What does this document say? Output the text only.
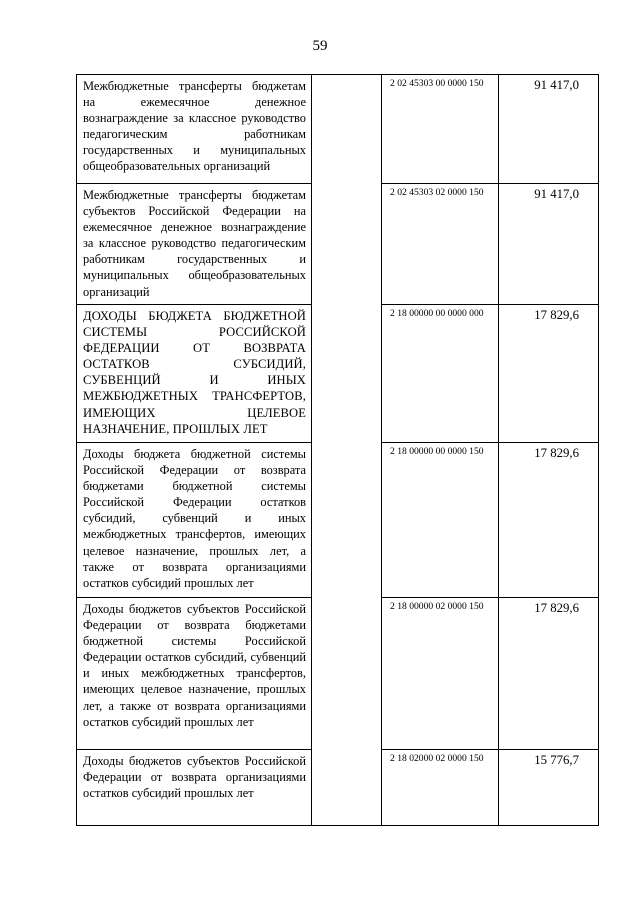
59
Межбюджетные трансферты бюджетам на ежемесячное денежное вознаграждение за классное руководство педагогическим работникам государственных и муниципальных общеобразовательных организаций		2 02 45303 00 0000 150	91 417,0

Межбюджетные трансферты бюджетам субъектов Российской Федерации на ежемесячное денежное вознаграждение за классное руководство педагогическим работникам государственных и муниципальных общеобразовательных организаций		2 02 45303 02 0000 150	91 417,0

ДОХОДЫ БЮДЖЕТА БЮДЖЕТНОЙ СИСТЕМЫ РОССИЙСКОЙ ФЕДЕРАЦИИ ОТ ВОЗВРАТА ОСТАТКОВ СУБСИДИЙ, СУБВЕНЦИЙ И ИНЫХ МЕЖБЮДЖЕТНЫХ ТРАНСФЕРТОВ, ИМЕЮЩИХ ЦЕЛЕВОЕ НАЗНАЧЕНИЕ, ПРОШЛЫХ ЛЕТ		2 18 00000 00 0000 000	17 829,6

Доходы бюджета бюджетной системы Российской Федерации от возврата бюджетами бюджетной системы Российской Федерации остатков субсидий, субвенций и иных межбюджетных трансфертов, имеющих целевое назначение, прошлых лет, а также от возврата организациями остатков субсидий прошлых лет		2 18 00000 00 0000 150	17 829,6

Доходы бюджетов субъектов Российской Федерации от возврата бюджетами бюджетной системы Российской Федерации остатков субсидий, субвенций и иных межбюджетных трансфертов, имеющих целевое назначение, прошлых лет, а также от возврата организациями остатков субсидий прошлых лет		2 18 00000 02 0000 150	17 829,6

Доходы бюджетов субъектов Российской Федерации от возврата организациями остатков субсидий прошлых лет		2 18 02000 02 0000 150	15 776,7
